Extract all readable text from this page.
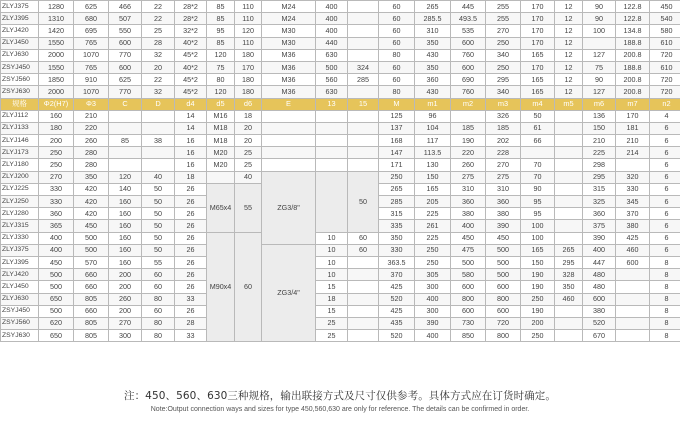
ZLYJ375	1280	625	466	22	28*2	85	110	M24	400		60	265	445	255	170	12	90	122.8	450
ZLYJ395	1310	680	507	22	28*2	85	110	M24	400		60	285.5	493.5	255	170	12	90	122.8	540
ZLYJ420	1420	695	550	25	32*2	95	120	M30	400		60	310	535	270	170	12	100	134.8	580
ZLYJ450	1550	765	600	28	40*2	85	110	M30	440		60	350	600	250	170	12		188.8	610
ZLYJ630	2000	1070	770	32	45*2	120	180	M36	630		80	430	760	340	165	12	127	200.8	720
ZSYJ450	1550	765	600	20	40*2	75	170	M36	500	324	60	350	600	250	170	12	75	188.8	610
ZSYJ560	1850	910	625	22	45*2	80	180	M36	560	285	60	360	690	295	165	12	90	200.8	720
ZSYJ630	2000	1070	770	32	45*2	120	180	M36	630		80	430	760	340	165	12	127	200.8	720
规格	Φ2(H7)	Φ3	C	D	d4	d5	d6	E	13	15	M	m1	m2	m3	m4	m5	m6	m7	n2
ZLYJ112	160	210			14	M16	18				125	96		326	50		136	170	4
ZLYJ133	180	220			14	M18	20				137	104	185	185	61		150	181	6
ZLYJ146	200	260	85	38	16	M18	20				168	117	190	202	66		210	210	6
ZLYJ173	250	280			16	M20	25				147	113.5	220	228			225	214	6
ZLYJ180	250	280			16	M20	25				171	130	260	270	70		298		6
ZLYJ200	270	350	120	40	18		40	ZG3/8"		50	250	150	275	275	70		295	320	6
ZLYJ225	330	420	140	50	26	M65x4	55				265	165	310	310	90		315	330	6
ZLYJ250	330	420	160	50	26						285	205	360	360	95		325	345	6
ZLYJ280	360	420	160	50	26						315	225	380	380	95		360	370	6
ZLYJ315	365	450	160	50	26						335	261	400	390	100		375	380	6
ZLYJ330	400	500	160	50	26	M90x4	60		10	60	350	225	450	450	100		390	425	6
ZLYJ375	400	500	160	50	26			ZG3/4"	10	60	330	250	475	500	165	265	400	460	6
ZLYJ395	450	570	160	55	26				10		363.5	250	500	500	150	295	447	600	8
ZLYJ420	500	660	200	60	26				10		370	305	580	500	190	328	480		8
ZLYJ450	500	660	200	60	26				15		425	300	600	600	190	350	480		8
ZLYJ630	650	805	260	80	33				18		520	400	800	800	250	460	600		8
ZSYJ450	500	660	200	60	26				15		425	300	600	600	190		380		8
ZSYJ560	620	805	270	80	28				25		435	390	730	720	200		520		8
ZSYJ630	650	805	300	80	33				25		520	400	850	800	250		670		8
注：450、560、630三种规格，输出联接方式及尺寸仅供参考。具体方式应在订货时确定。
Note:Output connection ways and sizes for type 450,560,630 are only for reference. The details can be confirmed in order.
